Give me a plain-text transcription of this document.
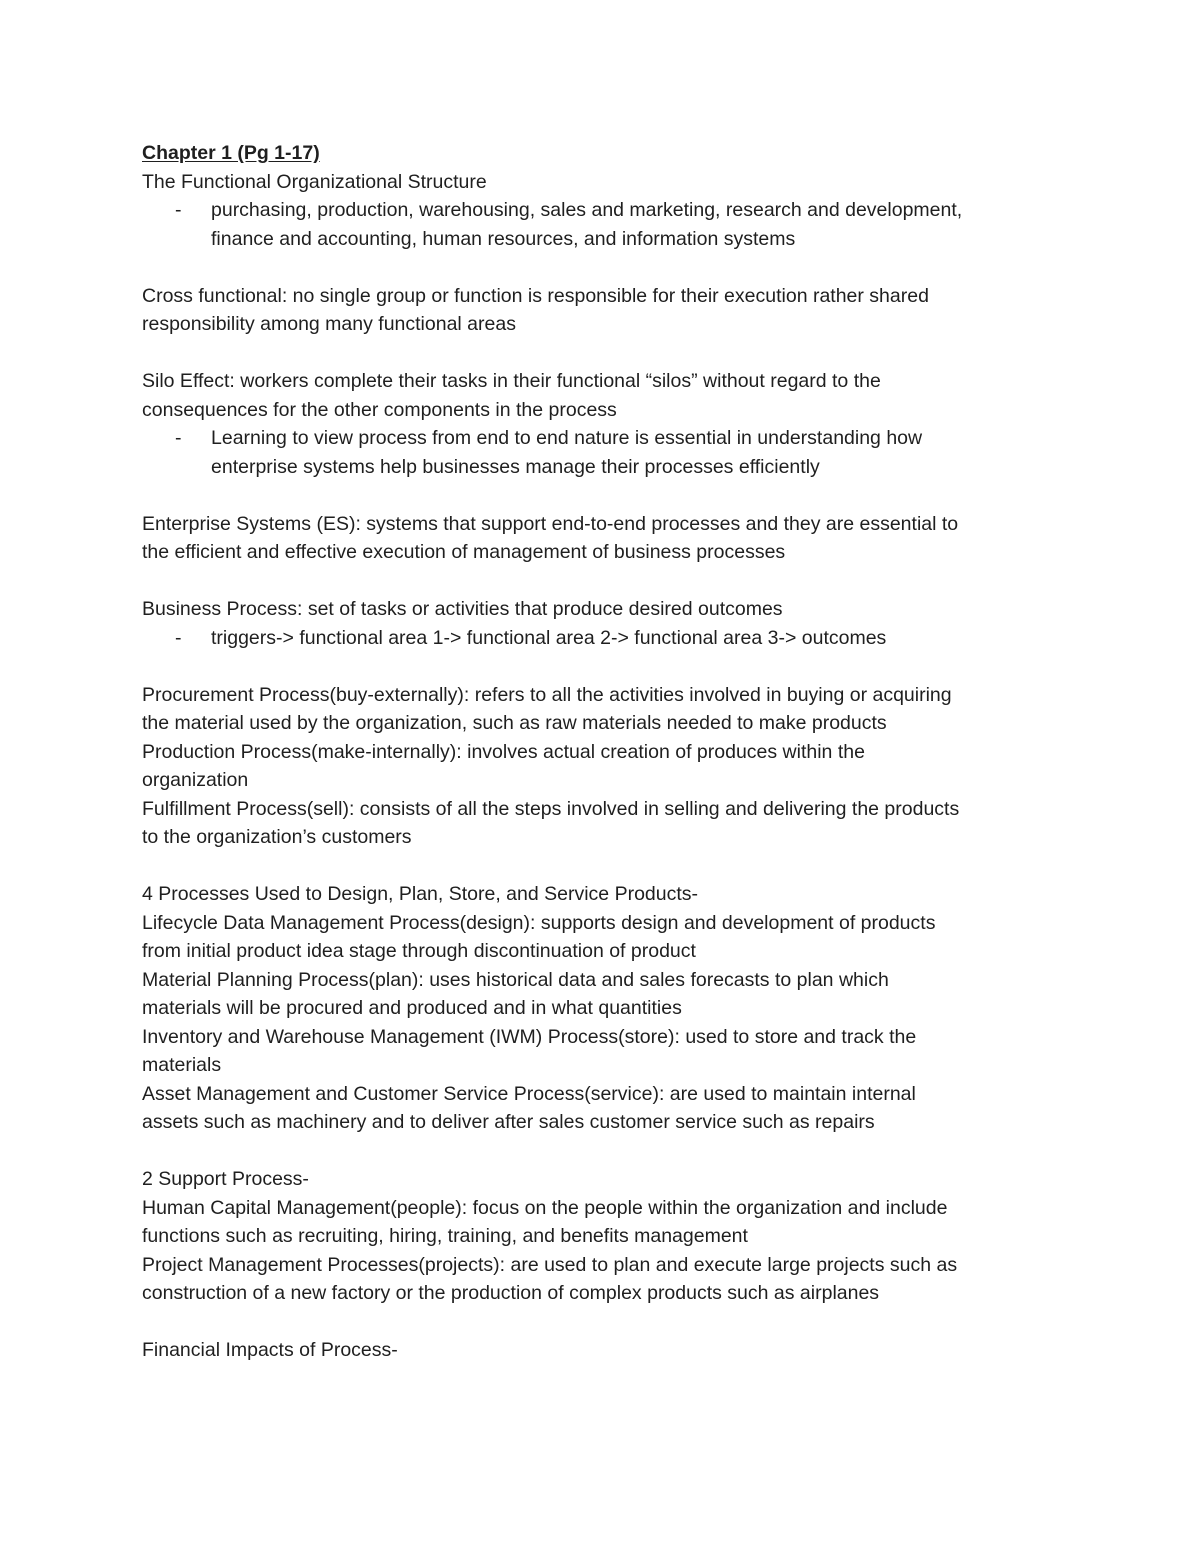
Chapter 1 (Pg 1-17)
The Functional Organizational Structure
- purchasing, production, warehousing, sales and marketing, research and development,
finance and accounting, human resources, and information systems
Cross functional: no single group or function is responsible for their execution rather shared
responsibility among many functional areas
Silo Effect: workers complete their tasks in their functional “silos” without regard to the
consequences for the other components in the process
- Learning to view process from end to end nature is essential in understanding how
enterprise systems help businesses manage their processes efficiently
Enterprise Systems (ES): systems that support end-to-end processes and they are essential to
the efficient and effective execution of management of business processes
Business Process: set of tasks or activities that produce desired outcomes
- triggers-> functional area 1-> functional area 2-> functional area 3-> outcomes
Procurement Process(buy-externally): refers to all the activities involved in buying or acquiring
the material used by the organization, such as raw materials needed to make products
Production Process(make-internally): involves actual creation of produces within the
organization
Fulfillment Process(sell): consists of all the steps involved in selling and delivering the products
to the organization’s customers
4 Processes Used to Design, Plan, Store, and Service Products-
Lifecycle Data Management Process(design): supports design and development of products
from initial product idea stage through discontinuation of product
Material Planning Process(plan): uses historical data and sales forecasts to plan which
materials will be procured and produced and in what quantities
Inventory and Warehouse Management (IWM) Process(store): used to store and track the
materials
Asset Management and Customer Service Process(service): are used to maintain internal
assets such as machinery and to deliver after sales customer service such as repairs
2 Support Process-
Human Capital Management(people): focus on the people within the organization and include
functions such as recruiting, hiring, training, and benefits management
Project Management Processes(projects): are used to plan and execute large projects such as
construction of a new factory or the production of complex products such as airplanes
Financial Impacts of Process-
